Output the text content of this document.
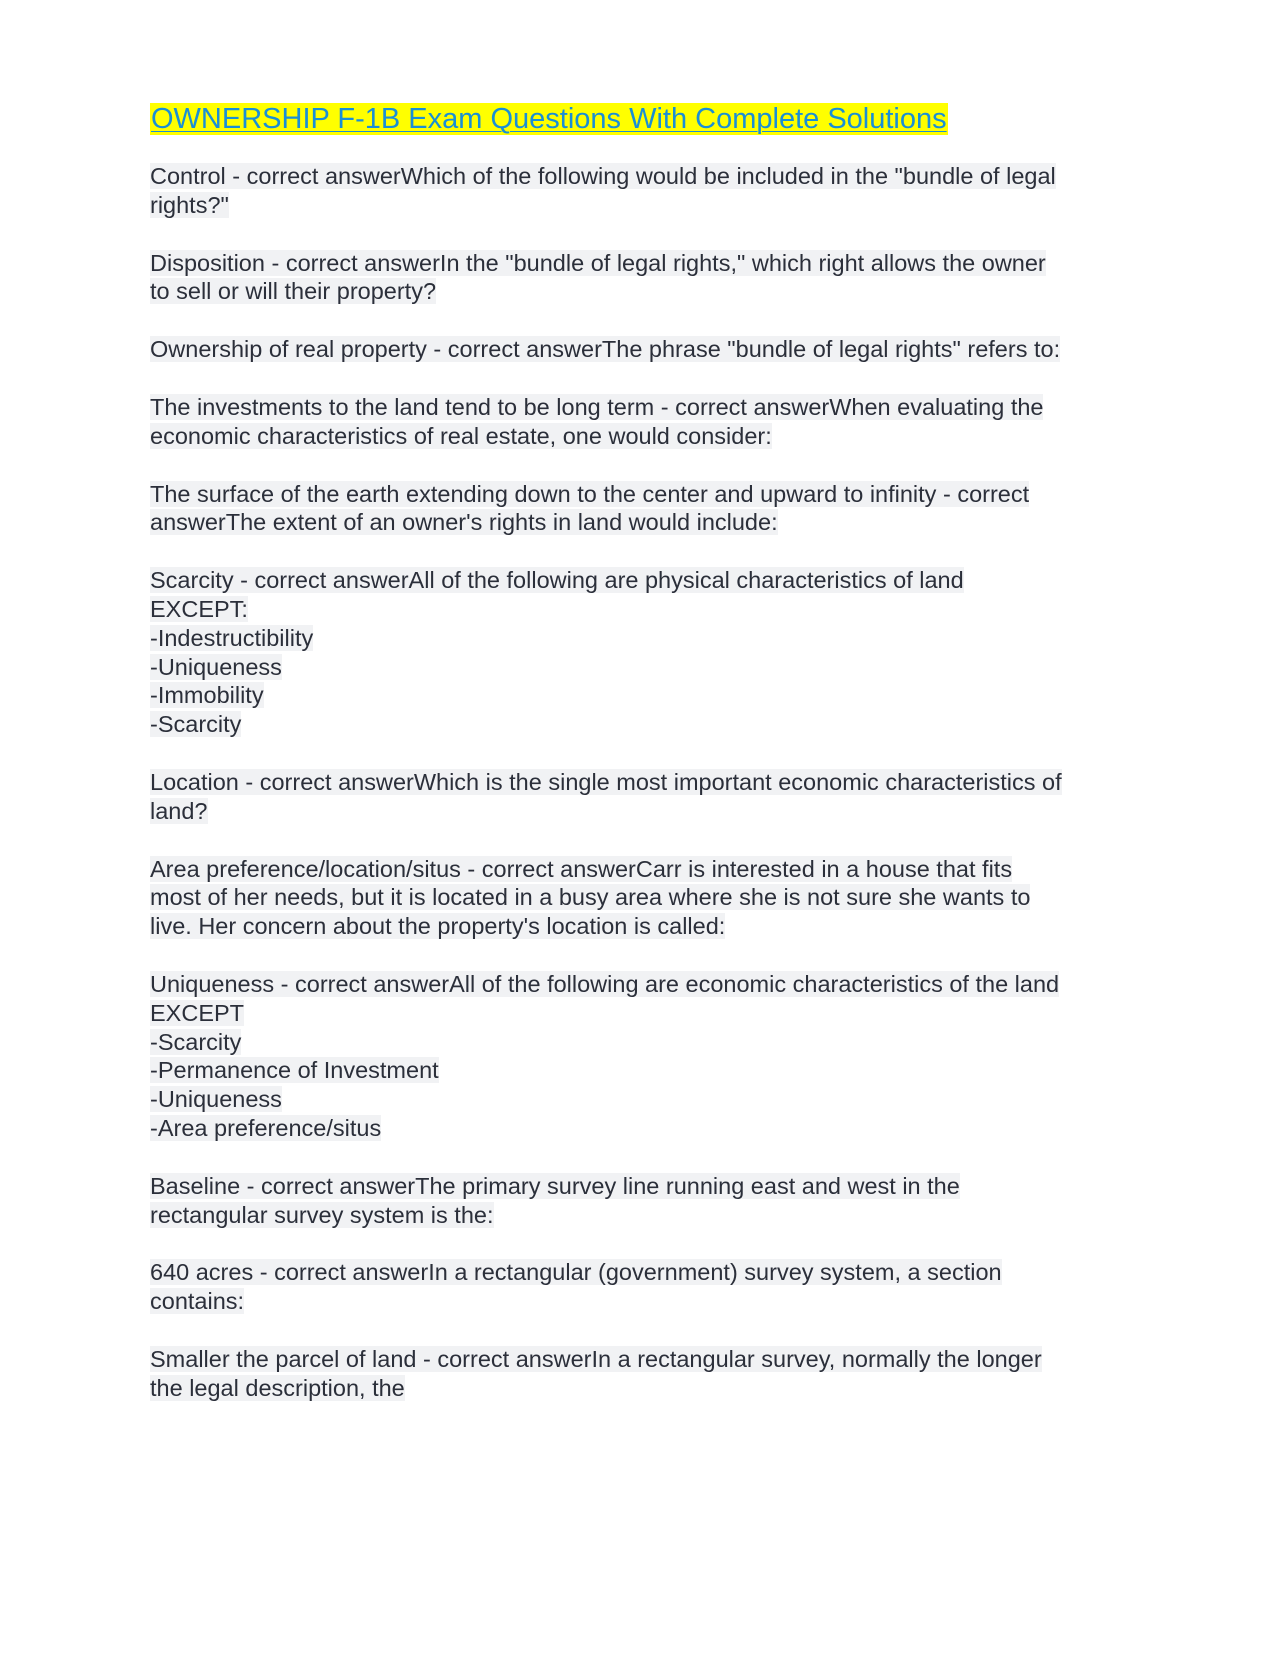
OWNERSHIP F-1B Exam Questions With Complete Solutions
Control - correct answerWhich of the following would be included in the "bundle of legal
rights?"
Disposition - correct answerIn the "bundle of legal rights," which right allows the owner
to sell or will their property?
Ownership of real property - correct answerThe phrase "bundle of legal rights" refers to:
The investments to the land tend to be long term - correct answerWhen evaluating the
economic characteristics of real estate, one would consider:
The surface of the earth extending down to the center and upward to infinity - correct
answerThe extent of an owner's rights in land would include:
Scarcity - correct answerAll of the following are physical characteristics of land
EXCEPT:
-Indestructibility
-Uniqueness
-Immobility
-Scarcity
Location - correct answerWhich is the single most important economic characteristics of
land?
Area preference/location/situs - correct answerCarr is interested in a house that fits
most of her needs, but it is located in a busy area where she is not sure she wants to
live. Her concern about the property's location is called:
Uniqueness - correct answerAll of the following are economic characteristics of the land
EXCEPT
-Scarcity
-Permanence of Investment
-Uniqueness
-Area preference/situs
Baseline - correct answerThe primary survey line running east and west in the
rectangular survey system is the:
640 acres - correct answerIn a rectangular (government) survey system, a section
contains:
Smaller the parcel of land - correct answerIn a rectangular survey, normally the longer
the legal description, the
